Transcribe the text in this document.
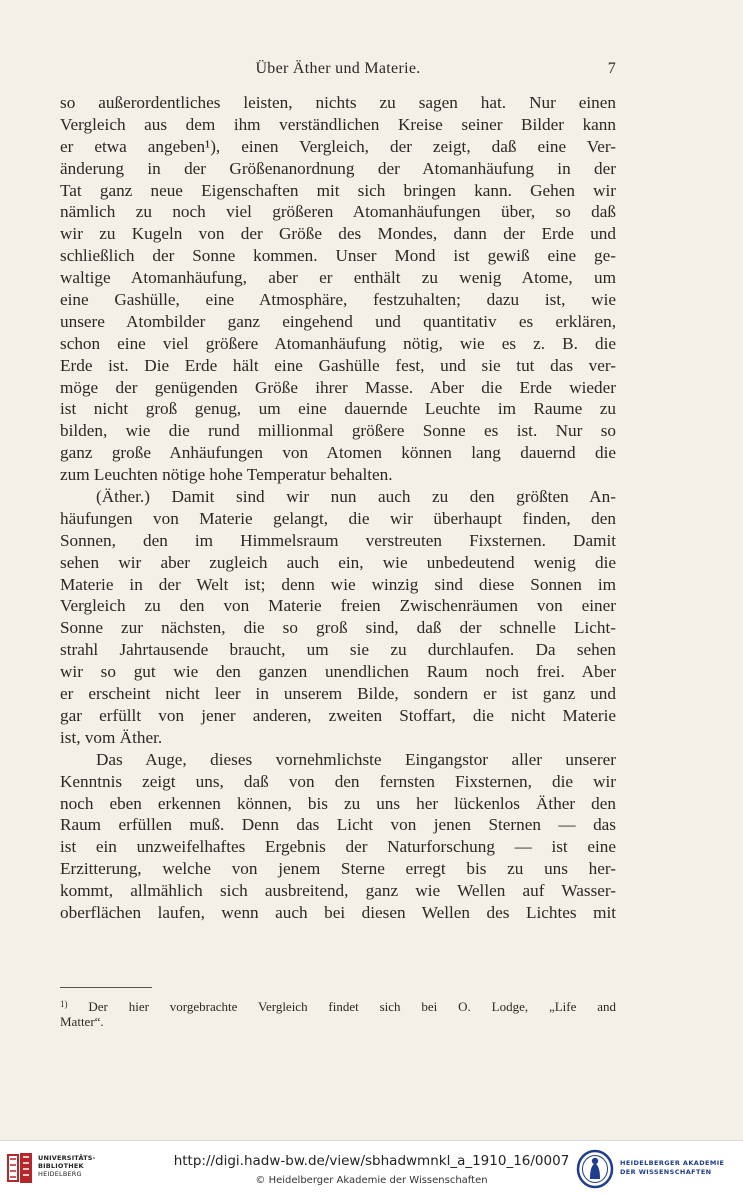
Über Äther und Materie.	7
so außerordentliches leisten, nichts zu sagen hat. Nur einen
Vergleich aus dem ihm verständlichen Kreise seiner Bilder kann
er etwa angeben¹), einen Vergleich, der zeigt, daß eine Ver-
änderung in der Größenanordnung der Atomanhäufung in der
Tat ganz neue Eigenschaften mit sich bringen kann. Gehen wir
nämlich zu noch viel größeren Atomanhäufungen über, so daß
wir zu Kugeln von der Größe des Mondes, dann der Erde und
schließlich der Sonne kommen. Unser Mond ist gewiß eine ge-
waltige Atomanhäufung, aber er enthält zu wenig Atome, um
eine Gashülle, eine Atmosphäre, festzuhalten; dazu ist, wie
unsere Atombilder ganz eingehend und quantitativ es erklären,
schon eine viel größere Atomanhäufung nötig, wie es z. B. die
Erde ist. Die Erde hält eine Gashülle fest, und sie tut das ver-
möge der genügenden Größe ihrer Masse. Aber die Erde wieder
ist nicht groß genug, um eine dauernde Leuchte im Raume zu
bilden, wie die rund millionmal größere Sonne es ist. Nur so
ganz große Anhäufungen von Atomen können lang dauernd die
zum Leuchten nötige hohe Temperatur behalten.
(Äther.) Damit sind wir nun auch zu den größten An-
häufungen von Materie gelangt, die wir überhaupt finden, den
Sonnen, den im Himmelsraum verstreuten Fixsternen. Damit
sehen wir aber zugleich auch ein, wie unbedeutend wenig die
Materie in der Welt ist; denn wie winzig sind diese Sonnen im
Vergleich zu den von Materie freien Zwischenräumen von einer
Sonne zur nächsten, die so groß sind, daß der schnelle Licht-
strahl Jahrtausende braucht, um sie zu durchlaufen. Da sehen
wir so gut wie den ganzen unendlichen Raum noch frei. Aber
er erscheint nicht leer in unserem Bilde, sondern er ist ganz und
gar erfüllt von jener anderen, zweiten Stoffart, die nicht Materie
ist, vom Äther.
Das Auge, dieses vornehmlichste Eingangstor aller unserer
Kenntnis zeigt uns, daß von den fernsten Fixsternen, die wir
noch eben erkennen können, bis zu uns her lückenlos Äther den
Raum erfüllen muß. Denn das Licht von jenen Sternen — das
ist ein unzweifelhaftes Ergebnis der Naturforschung — ist eine
Erzitterung, welche von jenem Sterne erregt bis zu uns her-
kommt, allmählich sich ausbreitend, ganz wie Wellen auf Wasser-
oberflächen laufen, wenn auch bei diesen Wellen des Lichtes mit
$^{1)}$ Der hier vorgebrachte Vergleich findet sich bei O. Lodge, „Life and
Matter“.
UNIVERSITÄTS-
BIBLIOTHEK
HEIDELBERG
http://digi.hadw-bw.de/view/sbhadwmnkl_a_1910_16/0007
© Heidelberger Akademie der Wissenschaften
HEIDELBERGER AKADEMIE
DER WISSENSCHAFTEN
